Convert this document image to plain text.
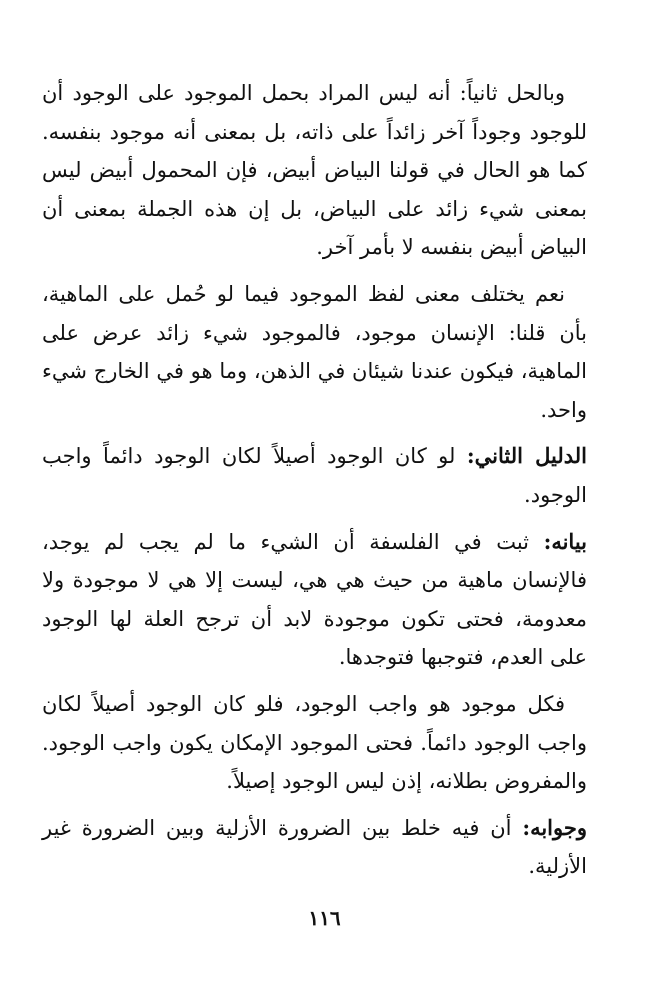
وبالحل ثانياً: أنه ليس المراد بحمل الموجود على الوجود أن للوجود وجوداً آخر زائداً على ذاته، بل بمعنى أنه موجود بنفسه. كما هو الحال في قولنا البياض أبيض، فإن المحمول أبيض ليس بمعنى شيء زائد على البياض، بل إن هذه الجملة بمعنى أن البياض أبيض بنفسه لا بأمر آخر.

نعم يختلف معنى لفظ الموجود فيما لو حُمل على الماهية، بأن قلنا: الإنسان موجود، فالموجود شيء زائد عرض على الماهية، فيكون عندنا شيئان في الذهن، وما هو في الخارج شيء واحد.

الدليل الثاني: لو كان الوجود أصيلاً لكان الوجود دائماً واجب الوجود.

بيانه: ثبت في الفلسفة أن الشيء ما لم يجب لم يوجد، فالإنسان ماهية من حيث هي هي، ليست إلا هي لا موجودة ولا معدومة، فحتى تكون موجودة لابد أن ترجح العلة لها الوجود على العدم، فتوجبها فتوجدها.

فكل موجود هو واجب الوجود، فلو كان الوجود أصيلاً لكان واجب الوجود دائماً. فحتى الموجود الإمكان يكون واجب الوجود. والمفروض بطلانه، إذن ليس الوجود إصيلاً.

وجوابه: أن فيه خلط بين الضرورة الأزلية وبين الضرورة غير الأزلية.

١١٦
